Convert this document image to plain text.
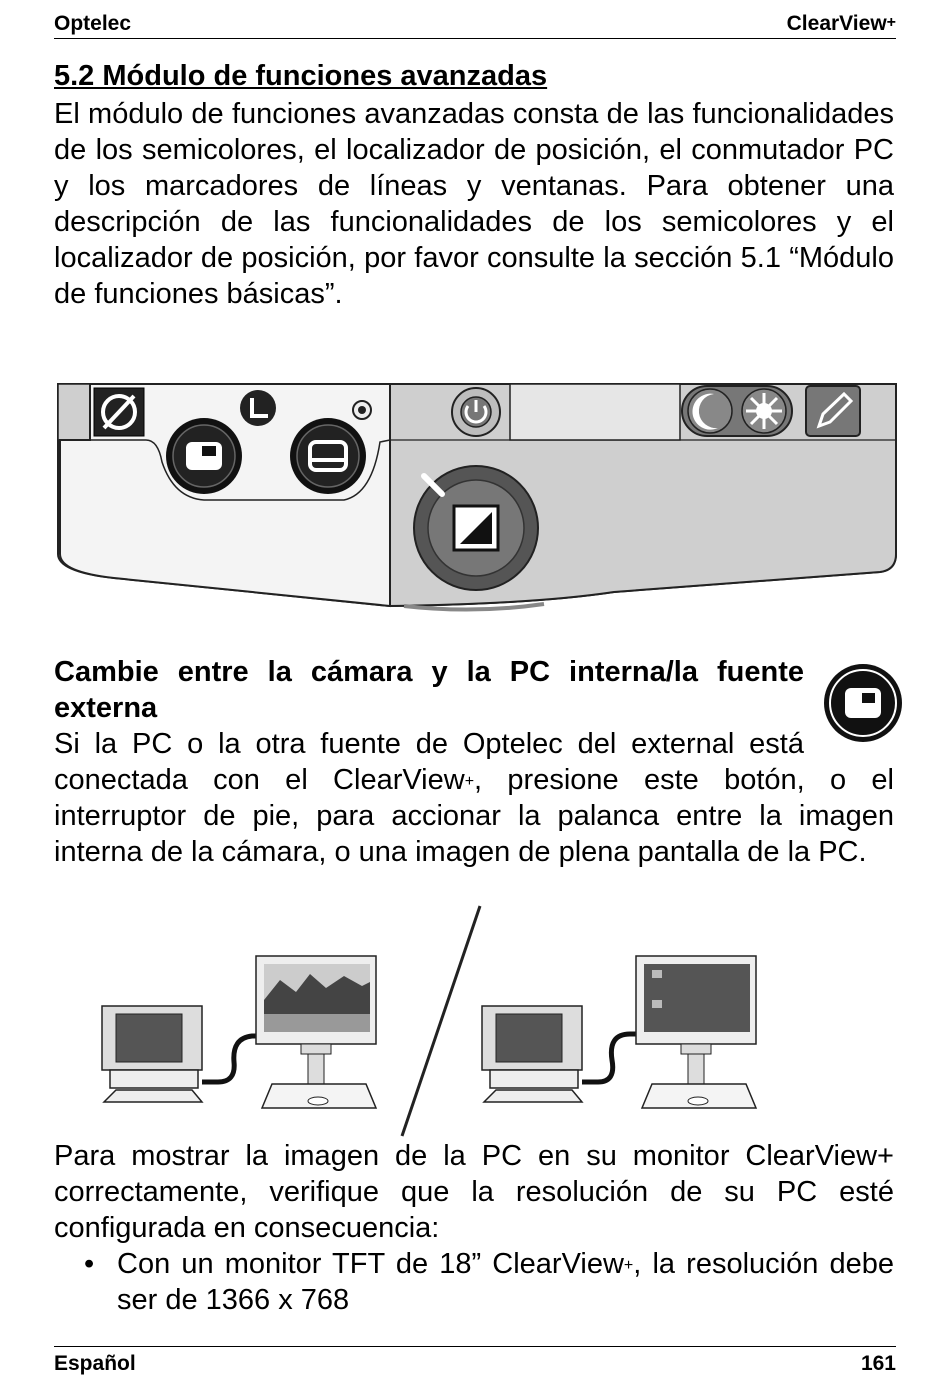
Optelec	ClearView+
5.2 Módulo de funciones avanzadas
El módulo de funciones avanzadas consta de las funcionalidades de los semicolores, el localizador de posición, el conmutador PC y los marcadores de líneas y ventanas. Para obtener una descripción de las funcionalidades de los semicolores y el localizador de posición, por favor consulte la sección 5.1 “Módulo de funciones básicas”.
Cambie entre la cámara y la PC interna/la fuente externa
Si la PC o la otra fuente de Optelec del external está conectada con el ClearView+, presione este botón, o el interruptor de pie, para accionar la palanca entre la imagen interna de la cámara, o una imagen de plena pantalla de la PC.
Para mostrar la imagen de la PC en su monitor ClearView+ correctamente, verifique que la resolución de su PC esté configurada en consecuencia:
• Con un monitor TFT de 18” ClearView+, la resolución debe ser de 1366 x 768
Español	161
